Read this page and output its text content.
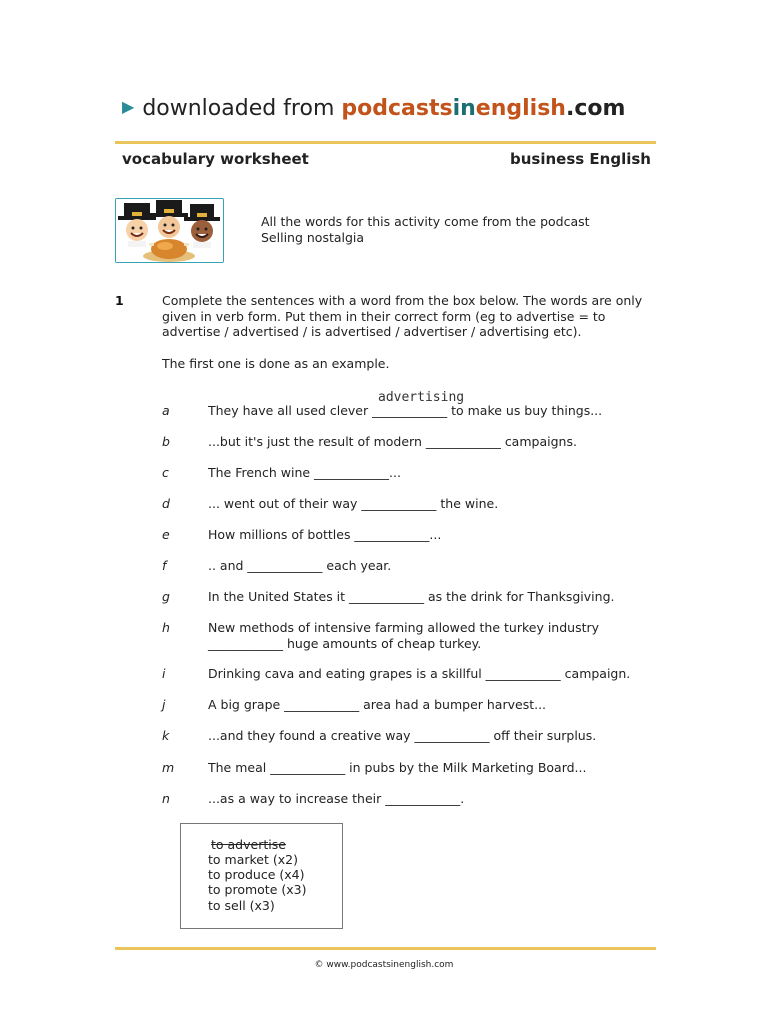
▶ downloaded from podcastsinenglish.com
vocabulary worksheet	business English
All the words for this activity come from the podcast
Selling nostalgia
1	Complete the sentences with a word from the box below. The words are only given in verb form. Put them in their correct form (eg to advertise = to advertise / advertised / is advertised / advertiser / advertising etc).
The first one is done as an example.
advertising
a	They have all used clever ____________ to make us buy things...
b	...but it's just the result of modern ____________ campaigns.
c	The French wine ____________...
d	... went out of their way ____________ the wine.
e	How millions of bottles ____________...
f	.. and ____________ each year.
g	In the United States it ____________ as the drink for Thanksgiving.
h	New methods of intensive farming allowed the turkey industry
____________ huge amounts of cheap turkey.
i	Drinking cava and eating grapes is a skillful ____________ campaign.
j	A big grape ____________ area had a bumper harvest...
k	...and they found a creative way ____________ off their surplus.
m	The meal ____________ in pubs by the Milk Marketing Board...
n	...as a way to increase their ____________.
to advertise
to market (x2)
to produce (x4)
to promote (x3)
to sell (x3)
© www.podcastsinenglish.com
